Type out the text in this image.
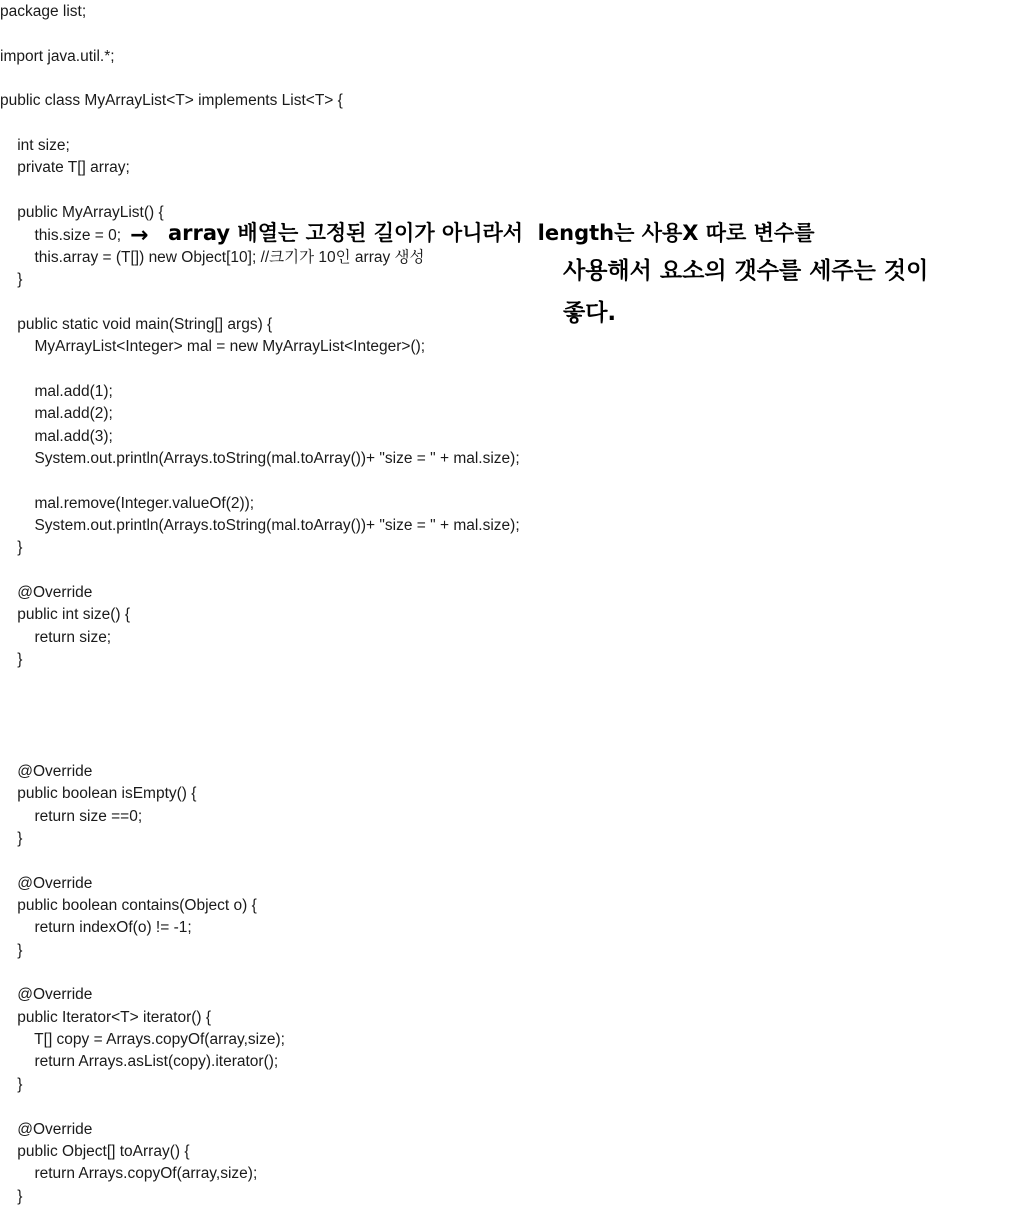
package list;
import java.util.*;
public class MyArrayList<T> implements List<T> {
int size;
private T[] array;
public MyArrayList() {
this.size = 0;
this.array = (T[]) new Object[10]; //크기가 10인 array 생성
}
public static void main(String[] args) {
MyArrayList<Integer> mal = new MyArrayList<Integer>();
mal.add(1);
mal.add(2);
mal.add(3);
System.out.println(Arrays.toString(mal.toArray())+ "size = " + mal.size);
mal.remove(Integer.valueOf(2));
System.out.println(Arrays.toString(mal.toArray())+ "size = " + mal.size);
}
@Override
public int size() {
return size;
}
@Override
public boolean isEmpty() {
return size ==0;
}
@Override
public boolean contains(Object o) {
return indexOf(o) != -1;
}
@Override
public Iterator<T> iterator() {
T[] copy = Arrays.copyOf(array,size);
return Arrays.asList(copy).iterator();
}
@Override
public Object[] toArray() {
return Arrays.copyOf(array,size);
}
→ array 배열는 고정된 길이가 아니라서  length는 사용X 따로 변수를
사용해서 요소의 갯수를 세주는 것이
좋다.
